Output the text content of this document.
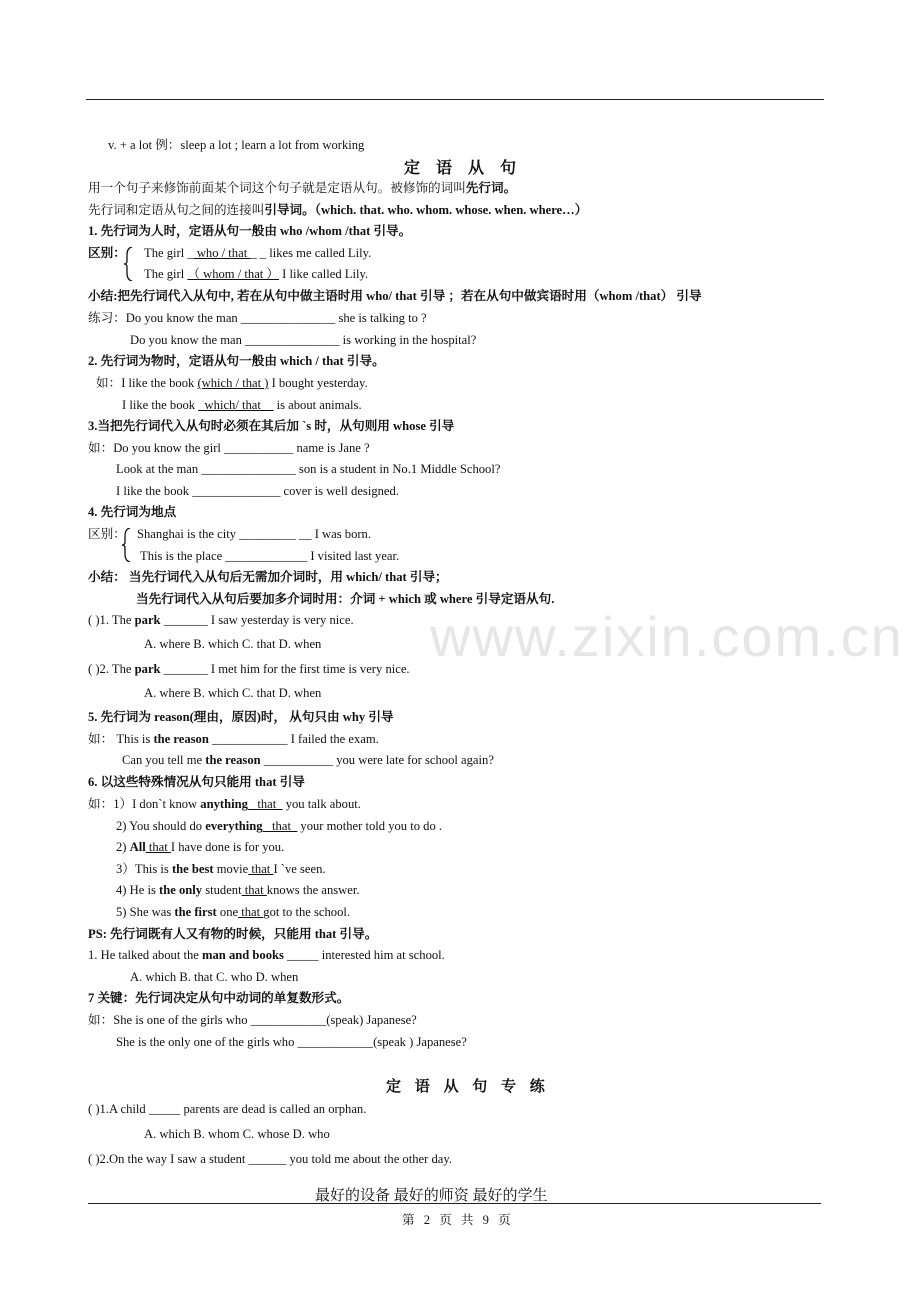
www.zixin.com.cn
v. + a lot 例：sleep a lot ; learn a lot from working
定 语 从 句
用一个句子来修饰前面某个词这个句子就是定语从句。被修饰的词叫先行词。
先行词和定语从句之间的连接叫引导词。（which. that. who. whom. whose. when. where…）
1. 先行词为人时，定语从句一般由 who /whom /that 引导。
区别： The girl _ who / that _ _ likes me called Lily.
The girl （ whom / that ） I like called Lily.
小结:把先行词代入从句中, 若在从句中做主语时用 who/ that 引导 ；若在从句中做宾语时用（whom /that） 引导
练习：Do you know the man _______________ she is talking to ?
Do you know the man _______________ is working in the hospital?
2. 先行词为物时，定语从句一般由 which / that 引导。
如：I like the book (which / that ) I bought yesterday.
I like the book _which/ that__ is about animals.
3.当把先行词代入从句时必须在其后加 `s 时，从句则用 whose 引导
如：Do you know the girl ___________ name is Jane ?
Look at the man _______________ son is a student in No.1 Middle School?
I like the book ______________ cover is well designed.
4. 先行词为地点
区别： Shanghai is the city _________ __ I was born.
This is the place _____________ I visited last year.
小结： 当先行词代入从句后无需加介词时，用 which/ that 引导；
当先行词代入从句后要加多介词时用：介词 + which 或 where 引导定语从句.
( )1. The park _______ I saw yesterday is very nice.
A. where B. which C. that D. when
( )2. The park _______ I met him for the first time is very nice.
A. where B. which C. that D. when
5. 先行词为 reason(理由，原因)时， 从句只由 why 引导
如： This is the reason ____________ I failed the exam.
Can you tell me the reason ___________ you were late for school again?
6. 以这些特殊情况从句只能用 that 引导
如：1）I don`t know anything _that_ you talk about.
2) You should do everything _that_ your mother told you to do .
2) All that I have done is for you.
3）This is the best movie that I `ve seen.
4) He is the only student that knows the answer.
5) She was the first one that got to the school.
PS: 先行词既有人又有物的时候，只能用 that 引导。
1. He talked about the man and books _____ interested him at school.
A. which B. that C. who D. when
7 关键：先行词决定从句中动词的单复数形式。
如：She is one of the girls who ____________(speak) Japanese?
She is the only one of the girls who ____________(speak ) Japanese?
定 语 从 句 专 练
( )1.A child _____ parents are dead is called an orphan.
A. which B. whom C. whose D. who
( )2.On the way I saw a student ______ you told me about the other day.
最好的设备 最好的师资 最好的学生
第 2 页 共 9 页
